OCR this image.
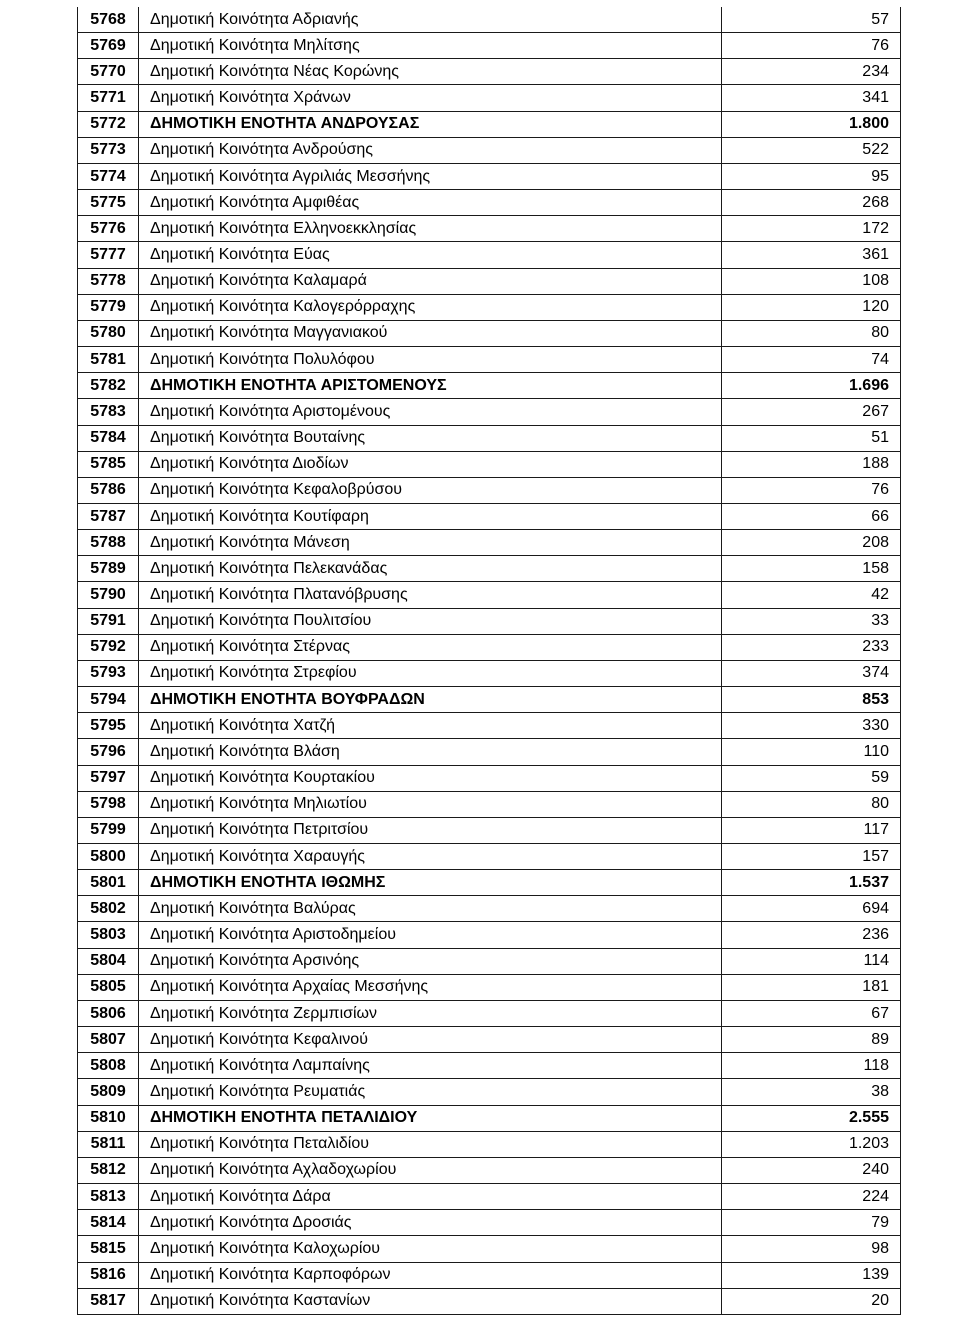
5768	Δημοτική Κοινότητα Αδριανής	57
5769	Δημοτική Κοινότητα Μηλίτσης	76
5770	Δημοτική Κοινότητα Νέας Κορώνης	234
5771	Δημοτική Κοινότητα Χράνων	341
5772	ΔΗΜΟΤΙΚΗ ΕΝΟΤΗΤΑ ΑΝΔΡΟΥΣΑΣ	1.800
5773	Δημοτική Κοινότητα Ανδρούσης	522
5774	Δημοτική Κοινότητα Αγριλιάς Μεσσήνης	95
5775	Δημοτική Κοινότητα Αμφιθέας	268
5776	Δημοτική Κοινότητα Ελληνοεκκλησίας	172
5777	Δημοτική Κοινότητα Εύας	361
5778	Δημοτική Κοινότητα Καλαμαρά	108
5779	Δημοτική Κοινότητα Καλογερόρραχης	120
5780	Δημοτική Κοινότητα Μαγγανιακού	80
5781	Δημοτική Κοινότητα Πολυλόφου	74
5782	ΔΗΜΟΤΙΚΗ ΕΝΟΤΗΤΑ ΑΡΙΣΤΟΜΕΝΟΥΣ	1.696
5783	Δημοτική Κοινότητα Αριστομένους	267
5784	Δημοτική Κοινότητα Βουταίνης	51
5785	Δημοτική Κοινότητα Διοδίων	188
5786	Δημοτική Κοινότητα Κεφαλοβρύσου	76
5787	Δημοτική Κοινότητα Κουτίφαρη	66
5788	Δημοτική Κοινότητα Μάνεση	208
5789	Δημοτική Κοινότητα Πελεκανάδας	158
5790	Δημοτική Κοινότητα Πλατανόβρυσης	42
5791	Δημοτική Κοινότητα Πουλιτσίου	33
5792	Δημοτική Κοινότητα Στέρνας	233
5793	Δημοτική Κοινότητα Στρεφίου	374
5794	ΔΗΜΟΤΙΚΗ ΕΝΟΤΗΤΑ ΒΟΥΦΡΑΔΩΝ	853
5795	Δημοτική Κοινότητα Χατζή	330
5796	Δημοτική Κοινότητα Βλάση	110
5797	Δημοτική Κοινότητα Κουρτακίου	59
5798	Δημοτική Κοινότητα Μηλιωτίου	80
5799	Δημοτική Κοινότητα Πετριτσίου	117
5800	Δημοτική Κοινότητα Χαραυγής	157
5801	ΔΗΜΟΤΙΚΗ ΕΝΟΤΗΤΑ ΙΘΩΜΗΣ	1.537
5802	Δημοτική Κοινότητα Βαλύρας	694
5803	Δημοτική Κοινότητα Αριστοδημείου	236
5804	Δημοτική Κοινότητα Αρσινόης	114
5805	Δημοτική Κοινότητα Αρχαίας Μεσσήνης	181
5806	Δημοτική Κοινότητα Ζερμπισίων	67
5807	Δημοτική Κοινότητα Κεφαλινού	89
5808	Δημοτική Κοινότητα Λαμπαίνης	118
5809	Δημοτική Κοινότητα Ρευματιάς	38
5810	ΔΗΜΟΤΙΚΗ ΕΝΟΤΗΤΑ ΠΕΤΑΛΙΔΙΟΥ	2.555
5811	Δημοτική Κοινότητα Πεταλιδίου	1.203
5812	Δημοτική Κοινότητα Αχλαδοχωρίου	240
5813	Δημοτική Κοινότητα Δάρα	224
5814	Δημοτική Κοινότητα Δροσιάς	79
5815	Δημοτική Κοινότητα Καλοχωρίου	98
5816	Δημοτική Κοινότητα Καρποφόρων	139
5817	Δημοτική Κοινότητα Καστανίων	20
